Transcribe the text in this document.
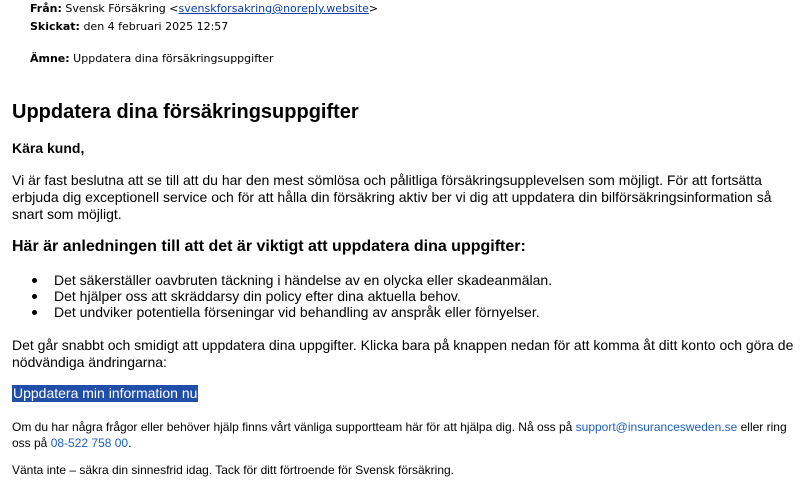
Från: Svensk Försäkring <svenskforsakring@noreply.website>
Skickat: den 4 februari 2025 12:57
Ämne: Uppdatera dina försäkringsuppgifter
Uppdatera dina försäkringsuppgifter
Kära kund,

Vi är fast beslutna att se till att du har den mest sömlösa och pålitliga försäkringsupplevelsen som möjligt. För att fortsätta erbjuda dig exceptionell service och för att hålla din försäkring aktiv ber vi dig att uppdatera din bilförsäkringsinformation så snart som möjligt.

Här är anledningen till att det är viktigt att uppdatera dina uppgifter:
Det säkerställer oavbruten täckning i händelse av en olycka eller skadeanmälan.
Det hjälper oss att skräddarsy din policy efter dina aktuella behov.
Det undviker potentiella förseningar vid behandling av anspråk eller förnyelser.

Det går snabbt och smidigt att uppdatera dina uppgifter. Klicka bara på knappen nedan för att komma åt ditt konto och göra de nödvändiga ändringarna:

Uppdatera min information nu

Om du har några frågor eller behöver hjälp finns vårt vänliga supportteam här för att hjälpa dig. Nå oss på support@insurancesweden.se eller ring oss på 08-522 758 00.

Vänta inte – säkra din sinnesfrid idag. Tack för ditt förtroende för Svensk försäkring.
